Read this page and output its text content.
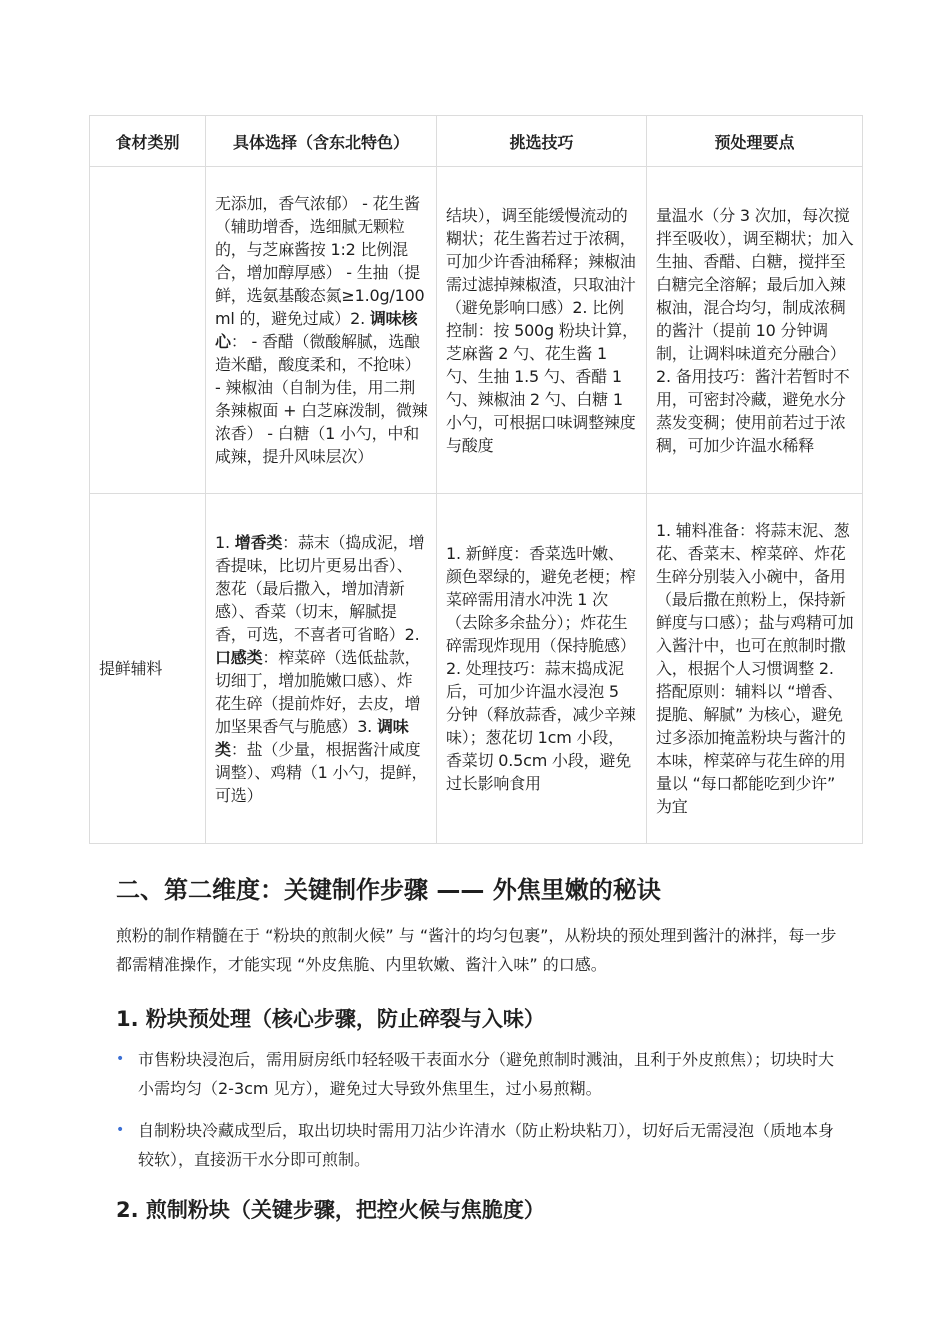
食材类别	具体选择（含东北特色）	挑选技巧	预处理要点

	无添加，香气浓郁） - 花生酱（辅助增香，选细腻无颗粒的，与芝麻酱按 1:2 比例混合，增加醇厚感） - 生抽（提鲜，选氨基酸态氮≥1.0g/100ml 的，避免过咸）2. 调味核心： - 香醋（微酸解腻，选酿造米醋，酸度柔和，不抢味） - 辣椒油（自制为佳，用二荆条辣椒面 + 白芝麻泼制，微辣浓香） - 白糖（1 小勺，中和咸辣，提升风味层次）	结块），调至能缓慢流动的糊状；花生酱若过于浓稠，可加少许香油稀释；辣椒油需过滤掉辣椒渣，只取油汁（避免影响口感）2. 比例控制：按 500g 粉块计算，芝麻酱 2 勺、花生酱 1 勺、生抽 1.5 勺、香醋 1 勺、辣椒油 2 勺、白糖 1 小勺，可根据口味调整辣度与酸度	量温水（分 3 次加，每次搅拌至吸收），调至糊状；加入生抽、香醋、白糖，搅拌至白糖完全溶解；最后加入辣椒油，混合均匀，制成浓稠的酱汁（提前 10 分钟调制，让调料味道充分融合）2. 备用技巧：酱汁若暂时不用，可密封冷藏，避免水分蒸发变稠；使用前若过于浓稠，可加少许温水稀释

提鲜辅料	1. 增香类：蒜末（捣成泥，增香提味，比切片更易出香）、葱花（最后撒入，增加清新感）、香菜（切末，解腻提香，可选，不喜者可省略）2. 口感类：榨菜碎（选低盐款，切细丁，增加脆嫩口感）、炸花生碎（提前炸好，去皮，增加坚果香气与脆感）3. 调味类：盐（少量，根据酱汁咸度调整）、鸡精（1 小勺，提鲜，可选）	1. 新鲜度：香菜选叶嫩、颜色翠绿的，避免老梗；榨菜碎需用清水冲洗 1 次（去除多余盐分）；炸花生碎需现炸现用（保持脆感）2. 处理技巧：蒜末捣成泥后，可加少许温水浸泡 5 分钟（释放蒜香，减少辛辣味）；葱花切 1cm 小段，香菜切 0.5cm 小段，避免过长影响食用	1. 辅料准备：将蒜末泥、葱花、香菜末、榨菜碎、炸花生碎分别装入小碗中，备用（最后撒在煎粉上，保持新鲜度与口感）；盐与鸡精可加入酱汁中，也可在煎制时撒入，根据个人习惯调整 2. 搭配原则：辅料以 “增香、提脆、解腻” 为核心，避免过多添加掩盖粉块与酱汁的本味，榨菜碎与花生碎的用量以 “每口都能吃到少许” 为宜
二、第二维度：关键制作步骤 —— 外焦里嫩的秘诀

煎粉的制作精髓在于 “粉块的煎制火候” 与 “酱汁的均匀包裹”，从粉块的预处理到酱汁的淋拌，每一步都需精准操作，才能实现 “外皮焦脆、内里软嫩、酱汁入味” 的口感。

1. 粉块预处理（核心步骤，防止碎裂与入味）
• 市售粉块浸泡后，需用厨房纸巾轻轻吸干表面水分（避免煎制时溅油，且利于外皮煎焦）；切块时大小需均匀（2-3cm 见方），避免过大导致外焦里生，过小易煎糊。
• 自制粉块冷藏成型后，取出切块时需用刀沾少许清水（防止粉块粘刀），切好后无需浸泡（质地本身较软），直接沥干水分即可煎制。
2. 煎制粉块（关键步骤，把控火候与焦脆度）
